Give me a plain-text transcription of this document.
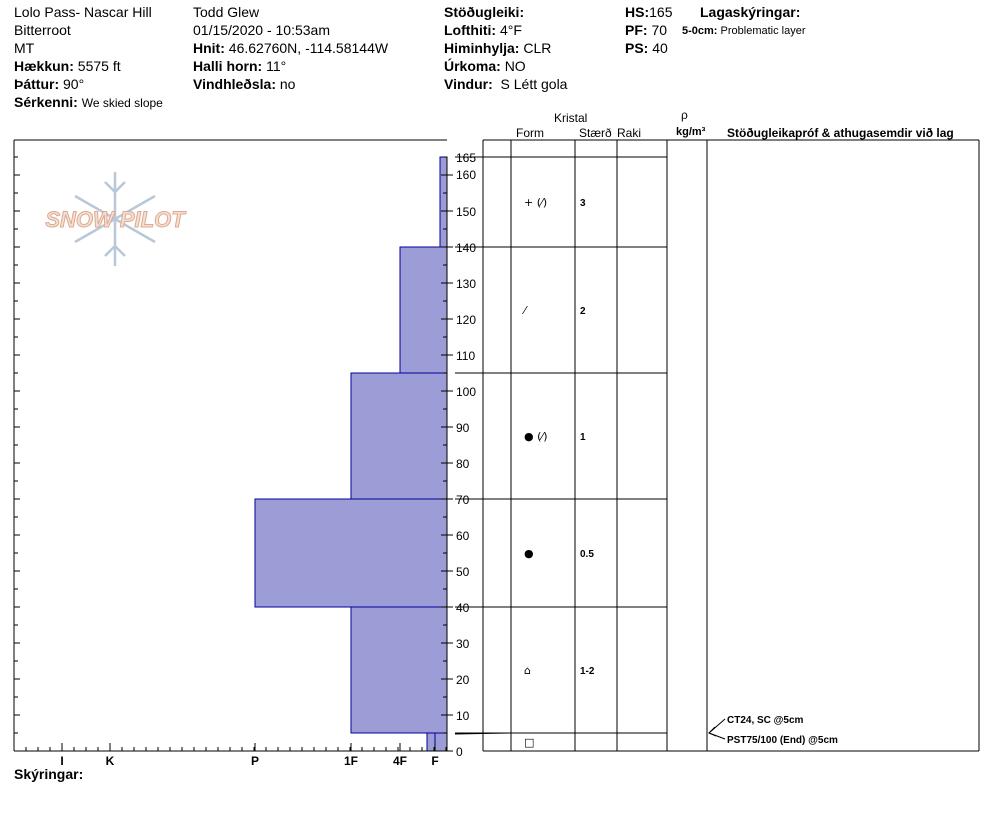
Lolo Pass- Nascar Hill
Bitterroot
MT
Hækkun: 5575 ft
Þáttur: 90°
Sérkenni: We skied slope
Todd Glew
01/15/2020 - 10:53am
Hnit: 46.62760N, -114.58144W
Halli horn: 11°
Vindhleðsla: no
Stöðugleiki:
Lofthiti: 4°F
Himinhylja: CLR
Úrkoma: NO
Vindur: S Létt gola
HS:165
PF: 70
PS: 40
Lagaskýringar:
5-0cm: Problematic layer
Kristal
Form	Stærð Raki
ρ
kg/m³ Stöðugleikapróf & athugasemdir við lag
Skýringar:
SNOW PILOT
I	K	P	1F	4F F
0
10
20
30
40
50
60
70
80
90
100
110
120
130
140
150
160
165
+ (⁄)	3
⁄	2
● (⁄)	1
●	0.5
⌂	1-2
□
CT24, SC @5cm
PST75/100 (End) @5cm
